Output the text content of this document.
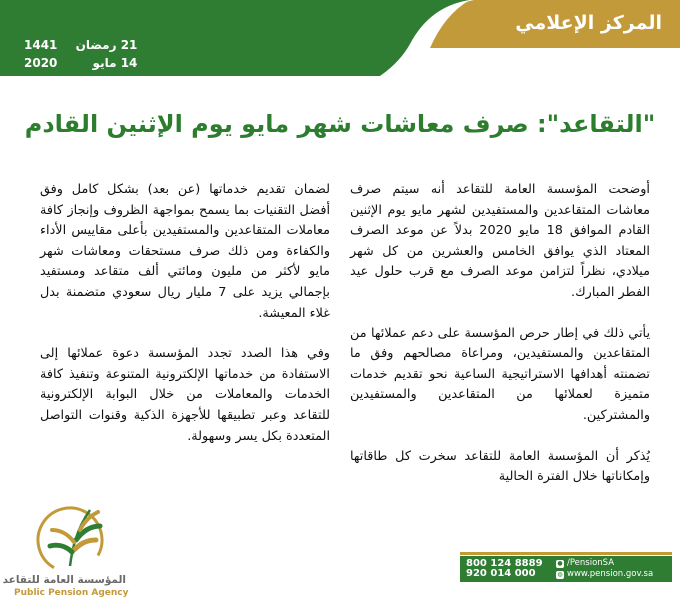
المركز الإعلامي
1441	21 رمضان
2020	14 مايو
"التقاعد": صرف معاشات شهر مايو يوم الإثنين القادم

أوضحت المؤسسة العامة للتقاعد أنه سيتم صرف معاشات المتقاعدين والمستفيدين لشهر مايو يوم الإثنين القادم الموافق 18 مايو 2020 بدلاً عن موعد الصرف المعتاد الذي يوافق الخامس والعشرين من كل شهر ميلادي، نظراً لتزامن موعد الصرف مع قرب حلول عيد الفطر المبارك.

يأتي ذلك في إطار حرص المؤسسة على دعم عملائها من المتقاعدين والمستفيدين، ومراعاة مصالحهم وفق ما تضمنته أهدافها الاستراتيجية الساعية نحو تقديم خدمات متميزة لعملائها من المتقاعدين والمستفيدين والمشتركين.

يُذكر أن المؤسسة العامة للتقاعد سخرت كل طاقاتها وإمكاناتها خلال الفترة الحالية

لضمان تقديم خدماتها (عن بعد) بشكل كامل وفق أفضل التقنيات بما يسمح بمواجهة الظروف وإنجاز كافة معاملات المتقاعدين والمستفيدين بأعلى مقاييس الأداء والكفاءة ومن ذلك صرف مستحقات ومعاشات شهر مايو لأكثر من مليون ومائتي ألف متقاعد ومستفيد بإجمالي يزيد على 7 مليار ريال سعودي متضمنة بدل غلاء المعيشة.

وفي هذا الصدد تجدد المؤسسة دعوة عملائها إلى الاستفادة من خدماتها الإلكترونية المتنوعة وتنفيذ كافة الخدمات والمعاملات من خلال البوابة الإلكترونية للتقاعد وعبر تطبيقها للأجهزة الذكية وقنوات التواصل المتعددة بكل يسر وسهولة.

المؤسسة العامة للتقاعد
Public Pension Agency
800 124 8889
920 014 000
● /PensionSA
◍ www.pension.gov.sa
